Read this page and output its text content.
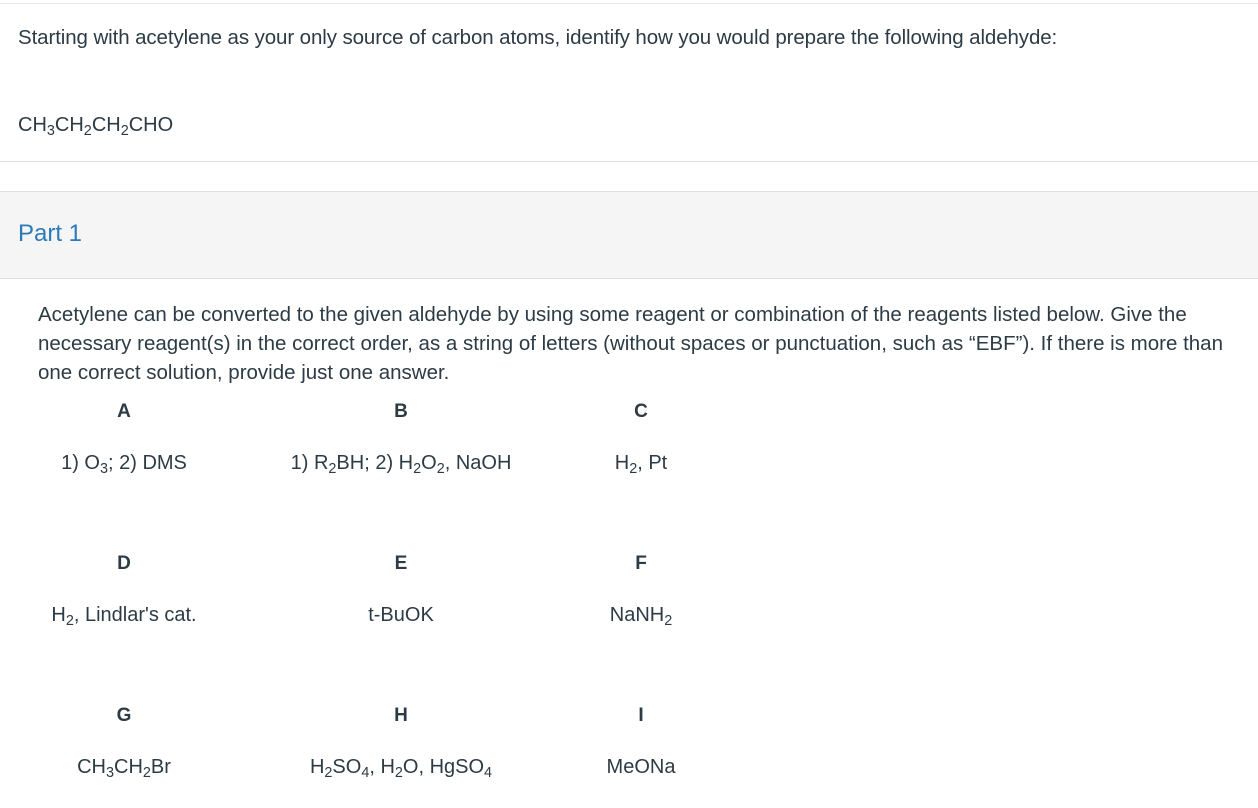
Starting with acetylene as your only source of carbon atoms, identify how you would prepare the following aldehyde:
$CH_3CH_2CH_2CHO$
Part 1
Acetylene can be converted to the given aldehyde by using some reagent or combination of the reagents listed below. Give the necessary reagent(s) in the correct order, as a string of letters (without spaces or punctuation, such as “EBF”). If there is more than one correct solution, provide just one answer.
A
1) $O_3$; 2) DMS
B
1) $R_2BH$; 2) $H_2O_2$, NaOH
C
$H_2$, Pt
D
$H_2$, Lindlar's cat.
E
t-BuOK
F
NaNH$_2$
G
$CH_3CH_2Br$
H
$H_2SO_4$, $H_2O$, HgSO$_4$
I
MeONa
